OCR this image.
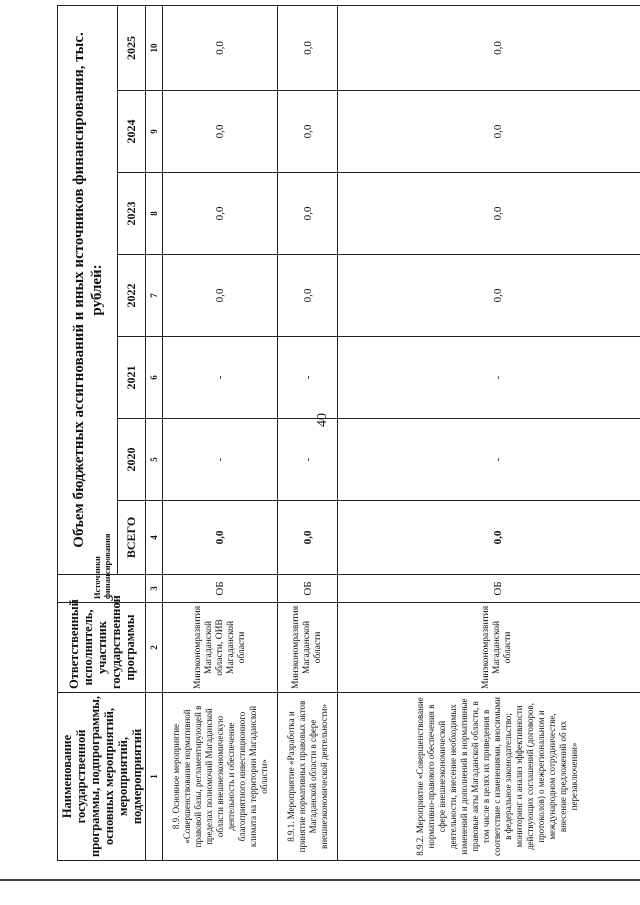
40
Наименование государственной программы, подпрограммы, основных мероприятий, мероприятий, подмероприятий	Ответственный исполнитель, участник государственной программы	Источники финансирования	Объем бюджетных ассигнований и иных источников финансирования, тыс. рублей:						
			ВСЕГО	2020	2021	2022	2023	2024	2025
1	2	3	4	5	6	7	8	9	10
8.9. Основное мероприятие «Совершенствование нормативной правовой базы, регламентирующей в пределах полномочий Магаданской области внешнеэкономическую деятельность и обеспечение благоприятного инвестиционного климата на территории Магаданской области»	Минэкономразвития Магаданской области, ОИВ Магаданской области	ОБ	0,0	-	-	0,0	0,0	0,0	0,0
8.9.1. Мероприятие «Разработка и принятие нормативных правовых актов Магаданской области в сфере внешнеэкономической деятельности»	Минэкономразвития Магаданской области	ОБ	0,0	-	-	0,0	0,0	0,0	0,0
8.9.2. Мероприятие «Совершенствование нормативно-правового обеспечения в сфере внешнеэкономической деятельности, внесение необходимых изменений и дополнений в нормативные правовые акты Магаданской области, в том числе в целях их приведения в соответствие с изменениями, вносимыми в федеральное законодательство; мониторинг и анализ эффективности действующих соглашений (договоров, протоколов) о межрегиональном и международном сотрудничестве, внесение предложений об их перезаключении»	Минэкономразвития Магаданской области	ОБ	0,0	-	-	0,0	0,0	0,0	0,0
